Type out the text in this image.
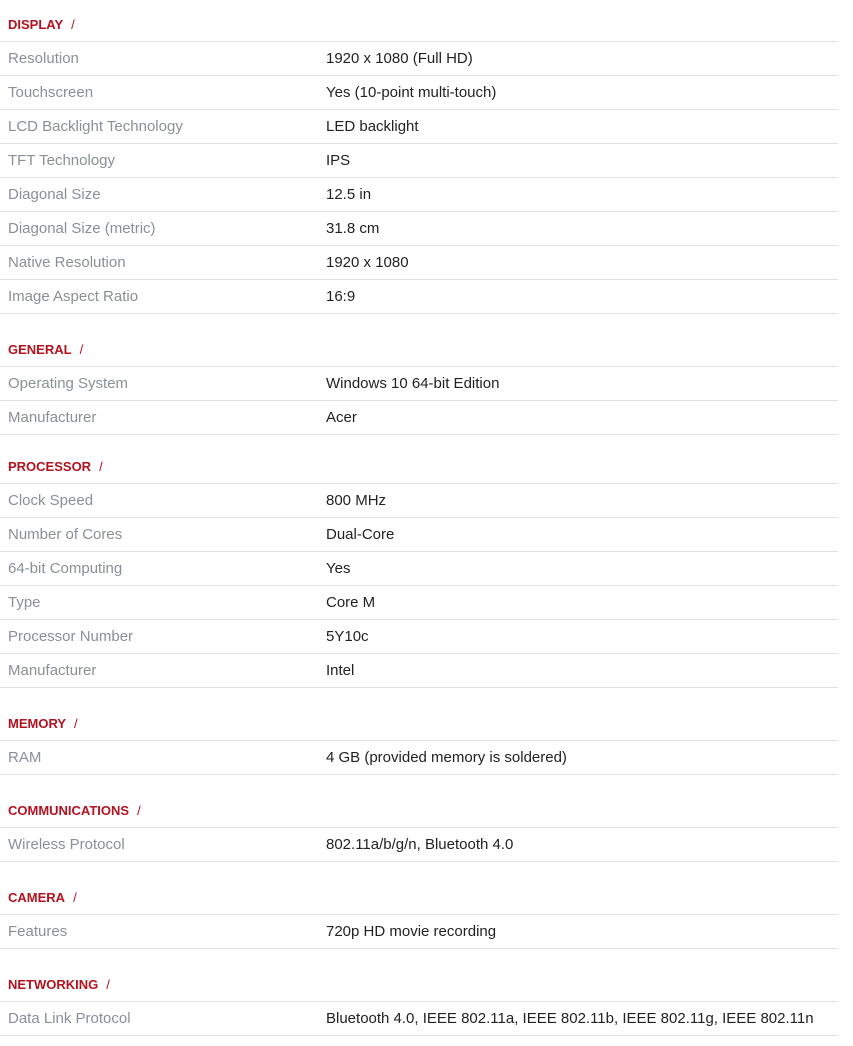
DISPLAY /
Resolution	1920 x 1080 (Full HD)
Touchscreen	Yes (10-point multi-touch)
LCD Backlight Technology	LED backlight
TFT Technology	IPS
Diagonal Size	12.5 in
Diagonal Size (metric)	31.8 cm
Native Resolution	1920 x 1080
Image Aspect Ratio	16:9
GENERAL /
Operating System	Windows 10 64-bit Edition
Manufacturer	Acer
PROCESSOR /
Clock Speed	800 MHz
Number of Cores	Dual-Core
64-bit Computing	Yes
Type	Core M
Processor Number	5Y10c
Manufacturer	Intel
MEMORY /
RAM	4 GB (provided memory is soldered)
COMMUNICATIONS /
Wireless Protocol	802.11a/b/g/n, Bluetooth 4.0
CAMERA /
Features	720p HD movie recording
NETWORKING /
Data Link Protocol	Bluetooth 4.0, IEEE 802.11a, IEEE 802.11b, IEEE 802.11g, IEEE 802.11n
